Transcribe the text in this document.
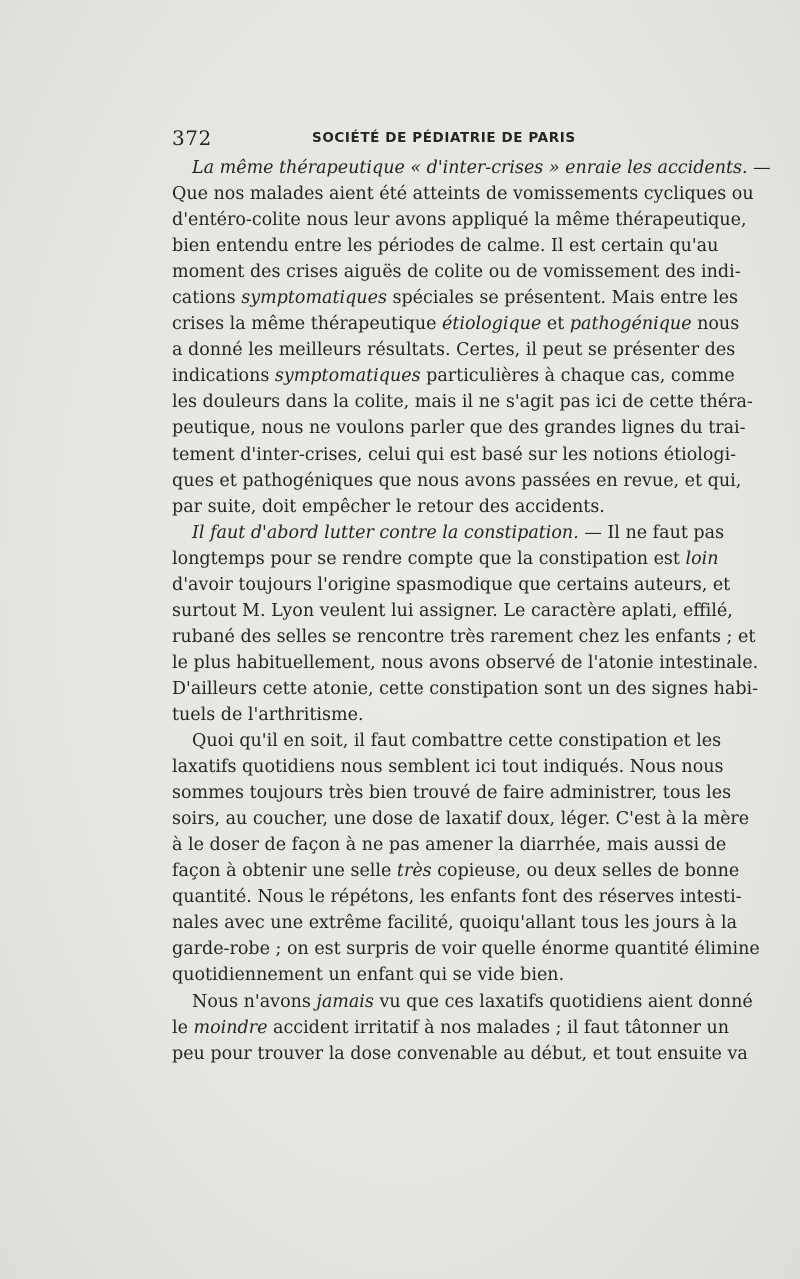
372	SOCIÉTÉ DE PÉDIATRIE DE PARIS
La même thérapeutique « d'inter-crises » enraie les accidents. —
Que nos malades aient été atteints de vomissements cycliques ou
d'entéro-colite nous leur avons appliqué la même thérapeutique,
bien entendu entre les périodes de calme. Il est certain qu'au
moment des crises aiguës de colite ou de vomissement des indi-
cations symptomatiques spéciales se présentent. Mais entre les
crises la même thérapeutique étiologique et pathogénique nous
a donné les meilleurs résultats. Certes, il peut se présenter des
indications symptomatiques particulières à chaque cas, comme
les douleurs dans la colite, mais il ne s'agit pas ici de cette théra-
peutique, nous ne voulons parler que des grandes lignes du trai-
tement d'inter-crises, celui qui est basé sur les notions étiologi-
ques et pathogéniques que nous avons passées en revue, et qui,
par suite, doit empêcher le retour des accidents.
Il faut d'abord lutter contre la constipation. — Il ne faut pas
longtemps pour se rendre compte que la constipation est loin
d'avoir toujours l'origine spasmodique que certains auteurs, et
surtout M. Lyon veulent lui assigner. Le caractère aplati, effilé,
rubané des selles se rencontre très rarement chez les enfants ; et
le plus habituellement, nous avons observé de l'atonie intestinale.
D'ailleurs cette atonie, cette constipation sont un des signes habi-
tuels de l'arthritisme.
Quoi qu'il en soit, il faut combattre cette constipation et les
laxatifs quotidiens nous semblent ici tout indiqués. Nous nous
sommes toujours très bien trouvé de faire administrer, tous les
soirs, au coucher, une dose de laxatif doux, léger. C'est à la mère
à le doser de façon à ne pas amener la diarrhée, mais aussi de
façon à obtenir une selle très copieuse, ou deux selles de bonne
quantité. Nous le répétons, les enfants font des réserves intesti-
nales avec une extrême facilité, quoiqu'allant tous les jours à la
garde-robe ; on est surpris de voir quelle énorme quantité élimine
quotidiennement un enfant qui se vide bien.
Nous n'avons jamais vu que ces laxatifs quotidiens aient donné
le moindre accident irritatif à nos malades ; il faut tâtonner un
peu pour trouver la dose convenable au début, et tout ensuite va
